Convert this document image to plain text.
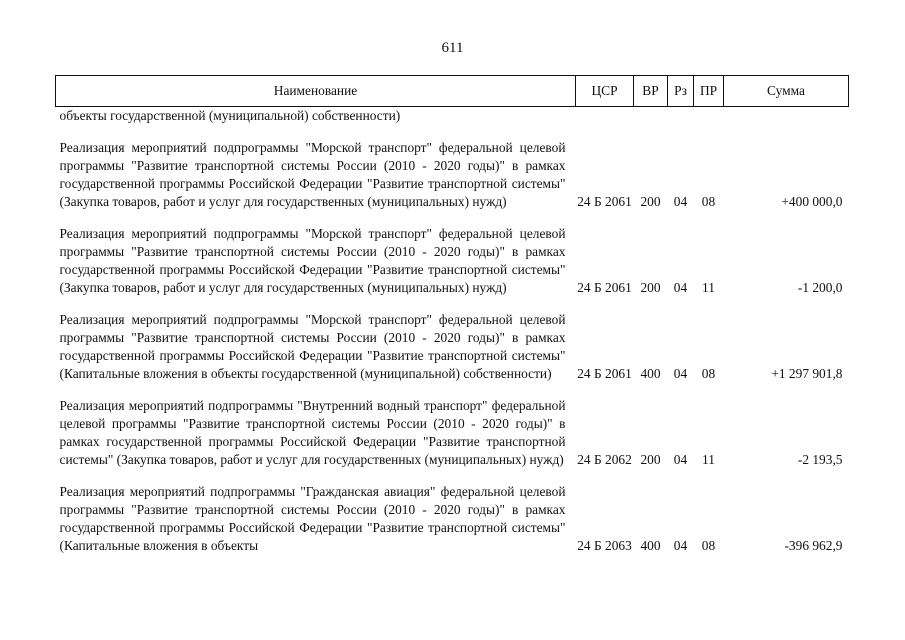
611
Наименование	ЦСР	ВР	Рз	ПР	Сумма
объекты государственной (муниципальной) собственности)					
Реализация мероприятий подпрограммы "Морской транспорт" федеральной целевой программы "Развитие транспортной системы России (2010 - 2020 годы)" в рамках государственной программы Российской Федерации "Развитие транспортной системы" (Закупка товаров, работ и услуг для государственных (муниципальных) нужд)	24 Б 2061	200	04	08	+400 000,0
Реализация мероприятий подпрограммы "Морской транспорт" федеральной целевой программы "Развитие транспортной системы России (2010 - 2020 годы)" в рамках государственной программы Российской Федерации "Развитие транспортной системы" (Закупка товаров, работ и услуг для государственных (муниципальных) нужд)	24 Б 2061	200	04	11	-1 200,0
Реализация мероприятий подпрограммы "Морской транспорт" федеральной целевой программы "Развитие транспортной системы России (2010 - 2020 годы)" в рамках государственной программы Российской Федерации "Развитие транспортной системы" (Капитальные вложения в объекты государственной (муниципальной) собственности)	24 Б 2061	400	04	08	+1 297 901,8
Реализация мероприятий подпрограммы "Внутренний водный транспорт" федеральной целевой программы "Развитие транспортной системы России (2010 - 2020 годы)" в рамках государственной программы Российской Федерации "Развитие транспортной системы" (Закупка товаров, работ и услуг для государственных (муниципальных) нужд)	24 Б 2062	200	04	11	-2 193,5
Реализация мероприятий подпрограммы "Гражданская авиация" федеральной целевой программы "Развитие транспортной системы России (2010 - 2020 годы)" в рамках государственной программы Российской Федерации "Развитие транспортной системы" (Капитальные вложения в объекты	24 Б 2063	400	04	08	-396 962,9
